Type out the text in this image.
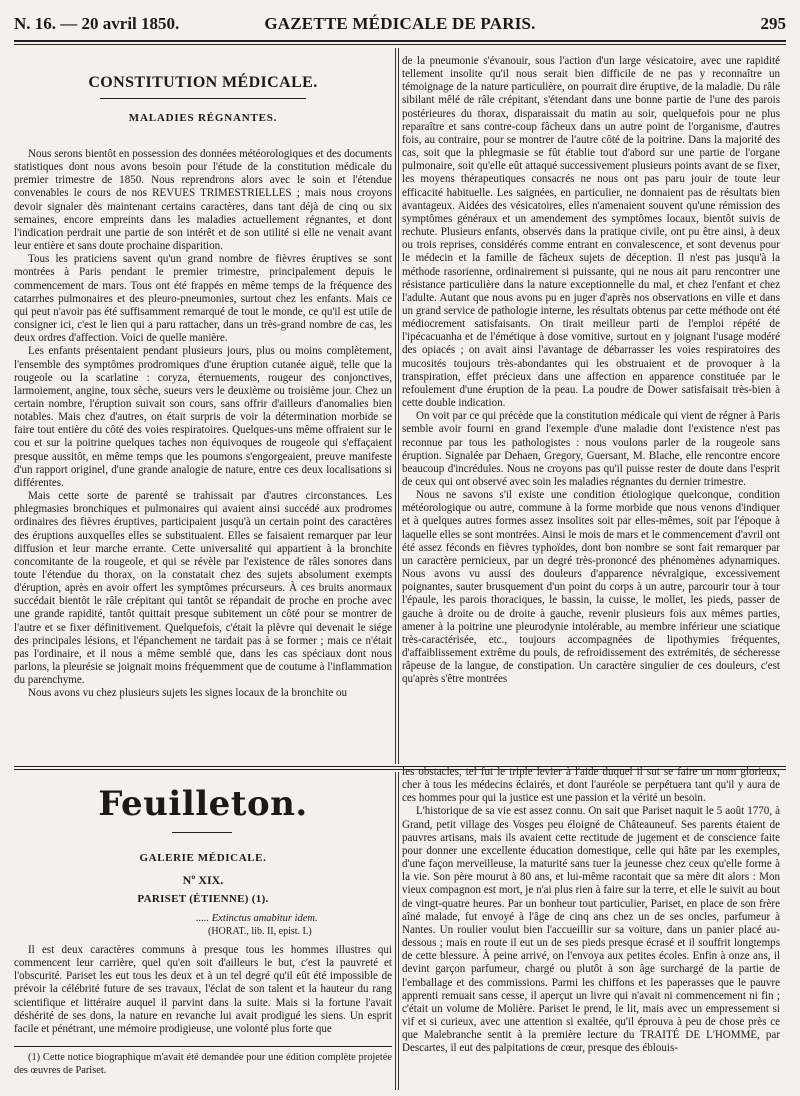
N. 16. — 20 avril 1850.	GAZETTE MÉDICALE DE PARIS.	295
CONSTITUTION MÉDICALE.
MALADIES RÉGNANTES.

Nous serons bientôt en possession des données météorologiques et des documents statistiques dont nous avons besoin pour l'étude de la constitution médicale du premier trimestre de 1850. Nous reprendrons alors avec le soin et l'étendue convenables le cours de nos REVUES TRIMESTRIELLES ; mais nous croyons devoir signaler dès maintenant certains caractères, dans tant déjà de cinq ou six semaines, encore empreints dans les maladies actuellement régnantes, et dont l'indication perdrait une partie de son intérêt et de son utilité si elle ne venait avant leur entière et sans doute prochaine disparition.

Tous les praticiens savent qu'un grand nombre de fièvres éruptives se sont montrées à Paris pendant le premier trimestre, principalement depuis le commencement de mars. Tous ont été frappés en même temps de la fréquence des catarrhes pulmonaires et des pleuro-pneumonies, surtout chez les enfants. Mais ce qui peut n'avoir pas été suffisamment remarqué de tout le monde, ce qu'il est utile de consigner ici, c'est le lien qui a paru rattacher, dans un très-grand nombre de cas, les deux ordres d'affection. Voici de quelle manière.

Les enfants présentaient pendant plusieurs jours, plus ou moins complètement, l'ensemble des symptômes prodromiques d'une éruption cutanée aiguë, telle que la rougeole ou la scarlatine : coryza, éternuements, rougeur des conjonctives, larmoiement, angine, toux sèche, sueurs vers le deuxième ou troisième jour. Chez un certain nombre, l'éruption suivait son cours, sans offrir d'ailleurs d'anomalies bien notables. Mais chez d'autres, on était surpris de voir la détermination morbide se faire tout entière du côté des voies respiratoires. Quelques-uns même offraient sur le cou et sur la poitrine quelques taches non équivoques de rougeole qui s'effaçaient presque aussitôt, en même temps que les poumons s'engorgeaient, preuve manifeste d'un rapport originel, d'une grande analogie de nature, entre ces deux localisations si différentes.

Mais cette sorte de parenté se trahissait par d'autres circonstances. Les phlegmasies bronchiques et pulmonaires qui avaient ainsi succédé aux prodromes ordinaires des fièvres éruptives, participaient jusqu'à un certain point des caractères des éruptions auxquelles elles se substituaient. Elles se faisaient remarquer par leur diffusion et leur marche errante. Cette universalité qui appartient à la bronchite concomitante de la rougeole, et qui se révèle par l'existence de râles sonores dans toute l'étendue du thorax, on la constatait chez des sujets absolument exempts d'éruption, après en avoir offert les symptômes précurseurs. À ces bruits anormaux succédait bientôt le râle crépitant qui tantôt se répandait de proche en proche avec une grande rapidité, tantôt quittait presque subitement un côté pour se montrer de l'autre et se fixer définitivement. Quelquefois, c'était la plèvre qui devenait le siége des principales lésions, et l'épanchement ne tardait pas à se former ; mais ce n'était pas l'ordinaire, et il nous a même semblé que, dans les cas spéciaux dont nous parlons, la pleurésie se joignait moins fréquemment que de coutume à l'inflammation du parenchyme.

Nous avons vu chez plusieurs sujets les signes locaux de la bronchite ou

de la pneumonie s'évanouir, sous l'action d'un large vésicatoire, avec une rapidité tellement insolite qu'il nous serait bien difficile de ne pas y reconnaître un témoignage de la nature particulière, on pourrait dire éruptive, de la maladie. Du râle sibilant mêlé de râle crépitant, s'étendant dans une bonne partie de l'une des parois postérieures du thorax, disparaissait du matin au soir, quelquefois pour ne plus reparaître et sans contre-coup fâcheux dans un autre point de l'organisme, d'autres fois, au contraire, pour se montrer de l'autre côté de la poitrine. Dans la majorité des cas, soit que la phlegmasie se fût établie tout d'abord sur une partie de l'organe pulmonaire, soit qu'elle eût attaqué successivement plusieurs points avant de se fixer, les moyens thérapeutiques consacrés ne nous ont pas paru jouir de toute leur efficacité habituelle. Les saignées, en particulier, ne donnaient pas de résultats bien avantageux. Aidées des vésicatoires, elles n'amenaient souvent qu'une rémission des symptômes généraux et un amendement des symptômes locaux, bientôt suivis de rechute. Plusieurs enfants, observés dans la pratique civile, ont pu être ainsi, à deux ou trois reprises, considérés comme entrant en convalescence, et sont devenus pour le médecin et la famille de fâcheux sujets de déception. Il n'est pas jusqu'à la méthode rasorienne, ordinairement si puissante, qui ne nous ait paru rencontrer une résistance particulière dans la nature exceptionnelle du mal, et chez l'enfant et chez l'adulte. Autant que nous avons pu en juger d'après nos observations en ville et dans un grand service de pathologie interne, les résultats obtenus par cette méthode ont été médiocrement satisfaisants. On tirait meilleur parti de l'emploi répété de l'ipécacuanha et de l'émétique à dose vomitive, surtout en y joignant l'usage modéré des opiacés ; on avait ainsi l'avantage de débarrasser les voies respiratoires des mucosités toujours très-abondantes qui les obstruaient et de provoquer à la transpiration, effet précieux dans une affection en apparence constituée par le refoulement d'une éruption de la peau. La poudre de Dower satisfaisait très-bien à cette double indication.

On voit par ce qui précède que la constitution médicale qui vient de régner à Paris semble avoir fourni en grand l'exemple d'une maladie dont l'existence n'est pas reconnue par tous les pathologistes : nous voulons parler de la rougeole sans éruption. Signalée par Dehaen, Gregory, Guersant, M. Blache, elle rencontre encore beaucoup d'incrédules. Nous ne croyons pas qu'il puisse rester de doute dans l'esprit de ceux qui ont observé avec soin les maladies régnantes du dernier trimestre.

Nous ne savons s'il existe une condition étiologique quelconque, condition météorologique ou autre, commune à la forme morbide que nous venons d'indiquer et à quelques autres formes assez insolites soit par elles-mêmes, soit par l'époque à laquelle elles se sont montrées. Ainsi le mois de mars et le commencement d'avril ont été assez féconds en fièvres typhoïdes, dont bon nombre se sont fait remarquer par un caractère pernicieux, par un degré très-prononcé des phénomènes adynamiques. Nous avons vu aussi des douleurs d'apparence névralgique, excessivement poignantes, sauter brusquement d'un point du corps à un autre, parcourir tour à tour l'épaule, les parois thoraciques, le bassin, la cuisse, le mollet, les pieds, passer de gauche à droite ou de droite à gauche, revenir plusieurs fois aux mêmes parties, amener à la poitrine une pleurodynie intolérable, au membre inférieur une sciatique très-caractérisée, etc., toujours accompagnées de lipothymies fréquentes, d'affaiblissement extrême du pouls, de refroidissement des extrémités, de sécheresse râpeuse de la langue, de constipation. Un caractère singulier de ces douleurs, c'est qu'après s'être montrées

Feuilleton.
GALERIE MÉDICALE.
Nº XIX.
PARISET (ÉTIENNE) (1).
..... Extinctus amabitur idem.
(HORAT., lib. II, epist. I.)

Il est deux caractères communs à presque tous les hommes illustres qui commencent leur carrière, quel qu'en soit d'ailleurs le but, c'est la pauvreté et l'obscurité. Pariset les eut tous les deux et à un tel degré qu'il eût été impossible de prévoir la célébrité future de ses travaux, l'éclat de son talent et la hauteur du rang scientifique et littéraire auquel il parvint dans la suite. Mais si la fortune l'avait déshérité de ses dons, la nature en revanche lui avait prodigué les siens. Un esprit facile et pénétrant, une mémoire prodigieuse, une volonté plus forte que

(1) Cette notice biographique m'avait été demandée pour une édition complète projetée des œuvres de Pariset.

les obstacles, tel fut le triple levier à l'aide duquel il sut se faire un nom glorieux, cher à tous les médecins éclairés, et dont l'auréole se perpétuera tant qu'il y aura de ces hommes pour qui la justice est une passion et la vérité un besoin.

L'historique de sa vie est assez connu. On sait que Pariset naquit le 5 août 1770, à Grand, petit village des Vosges peu éloigné de Châteauneuf. Ses parents étaient de pauvres artisans, mais ils avaient cette rectitude de jugement et de conscience faite pour donner une excellente éducation domestique, celle qui hâte par les exemples, d'une façon merveilleuse, la maturité sans tuer la jeunesse chez ceux qu'elle forme à la vie. Son père mourut à 80 ans, et lui-même racontait que sa mère dit alors : Mon vieux compagnon est mort, je n'ai plus rien à faire sur la terre, et elle le suivit au bout de vingt-quatre heures. Par un bonheur tout particulier, Pariset, en place de son frère aîné malade, fut envoyé à l'âge de cinq ans chez un de ses oncles, parfumeur à Nantes. Un roulier voulut bien l'accueillir sur sa voiture, dans un panier placé au-dessous ; mais en route il eut un de ses pieds presque écrasé et il souffrit longtemps de cette blessure. À peine arrivé, on l'envoya aux petites écoles. Enfin à onze ans, il devint garçon parfumeur, chargé ou plutôt à son âge surchargé de la partie de l'emballage et des commissions. Parmi les chiffons et les paperasses que le pauvre apprenti remuait sans cesse, il aperçut un livre qui n'avait ni commencement ni fin ; c'était un volume de Molière. Pariset le prend, le lit, mais avec un empressement si vif et si curieux, avec une attention si exaltée, qu'il éprouva à peu de chose près ce que Malebranche sentit à la première lecture du TRAITÉ DE L'HOMME, par Descartes, il eut des palpitations de cœur, presque des éblouis-
